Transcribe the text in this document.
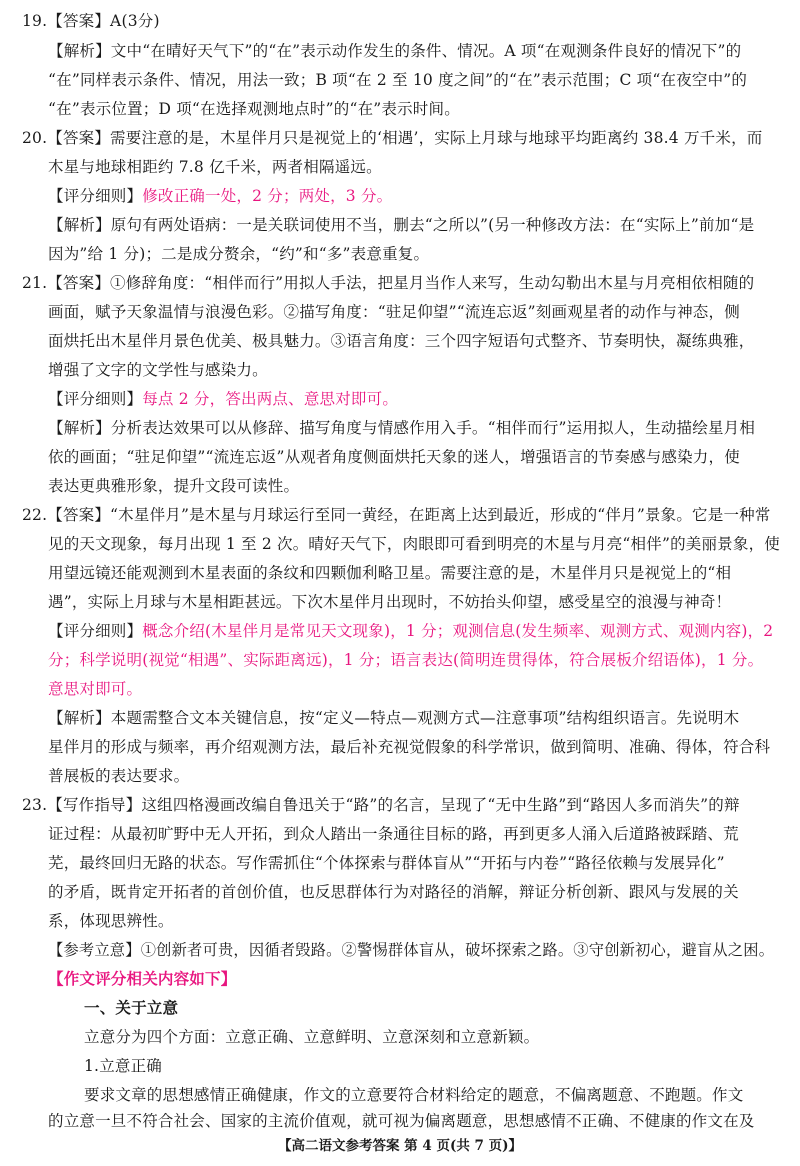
19.【答案】A(3分)
【解析】文中“在晴好天气下”的“在”表示动作发生的条件、情况。A 项“在观测条件良好的情况下”的
“在”同样表示条件、情况，用法一致；B 项“在 2 至 10 度之间”的“在”表示范围；C 项“在夜空中”的
“在”表示位置；D 项“在选择观测地点时”的“在”表示时间。
20.【答案】需要注意的是，木星伴月只是视觉上的‘相遇’，实际上月球与地球平均距离约 38.4 万千米，而
木星与地球相距约 7.8 亿千米，两者相隔遥远。
【评分细则】修改正确一处，2 分；两处，3 分。
【解析】原句有两处语病：一是关联词使用不当，删去“之所以”(另一种修改方法：在“实际上”前加“是
因为”给 1 分)；二是成分赘余，“约”和“多”表意重复。
21.【答案】①修辞角度：“相伴而行”用拟人手法，把星月当作人来写，生动勾勒出木星与月亮相依相随的
画面，赋予天象温情与浪漫色彩。②描写角度：“驻足仰望”“流连忘返”刻画观星者的动作与神态，侧
面烘托出木星伴月景色优美、极具魅力。③语言角度：三个四字短语句式整齐、节奏明快，凝练典雅，
增强了文字的文学性与感染力。
【评分细则】每点 2 分，答出两点、意思对即可。
【解析】分析表达效果可以从修辞、描写角度与情感作用入手。“相伴而行”运用拟人，生动描绘星月相
依的画面；“驻足仰望”“流连忘返”从观者角度侧面烘托天象的迷人，增强语言的节奏感与感染力，使
表达更典雅形象，提升文段可读性。
22.【答案】“木星伴月”是木星与月球运行至同一黄经，在距离上达到最近，形成的“伴月”景象。它是一种常
见的天文现象，每月出现 1 至 2 次。晴好天气下，肉眼即可看到明亮的木星与月亮“相伴”的美丽景象，使
用望远镜还能观测到木星表面的条纹和四颗伽利略卫星。需要注意的是，木星伴月只是视觉上的“相
遇”，实际上月球与木星相距甚远。下次木星伴月出现时，不妨抬头仰望，感受星空的浪漫与神奇！
【评分细则】概念介绍(木星伴月是常见天文现象)，1 分；观测信息(发生频率、观测方式、观测内容)，2
分；科学说明(视觉“相遇”、实际距离远)，1 分；语言表达(简明连贯得体，符合展板介绍语体)，1 分。
意思对即可。
【解析】本题需整合文本关键信息，按“定义—特点—观测方式—注意事项”结构组织语言。先说明木
星伴月的形成与频率，再介绍观测方法，最后补充视觉假象的科学常识，做到简明、准确、得体，符合科
普展板的表达要求。
23.【写作指导】这组四格漫画改编自鲁迅关于“路”的名言，呈现了“无中生路”到“路因人多而消失”的辩
证过程：从最初旷野中无人开拓，到众人踏出一条通往目标的路，再到更多人涌入后道路被踩踏、荒
芜，最终回归无路的状态。写作需抓住“个体探索与群体盲从”“开拓与内卷”“路径依赖与发展异化”
的矛盾，既肯定开拓者的首创价值，也反思群体行为对路径的消解，辩证分析创新、跟风与发展的关
系，体现思辨性。
【参考立意】①创新者可贵，因循者毁路。②警惕群体盲从，破坏探索之路。③守创新初心，避盲从之困。
【作文评分相关内容如下】
一、关于立意
立意分为四个方面：立意正确、立意鲜明、立意深刻和立意新颖。
1.立意正确
要求文章的思想感情正确健康，作文的立意要符合材料给定的题意，不偏离题意、不跑题。作文
的立意一旦不符合社会、国家的主流价值观，就可视为偏离题意，思想感情不正确、不健康的作文在及
【高二语文参考答案 第 4 页(共 7 页)】
